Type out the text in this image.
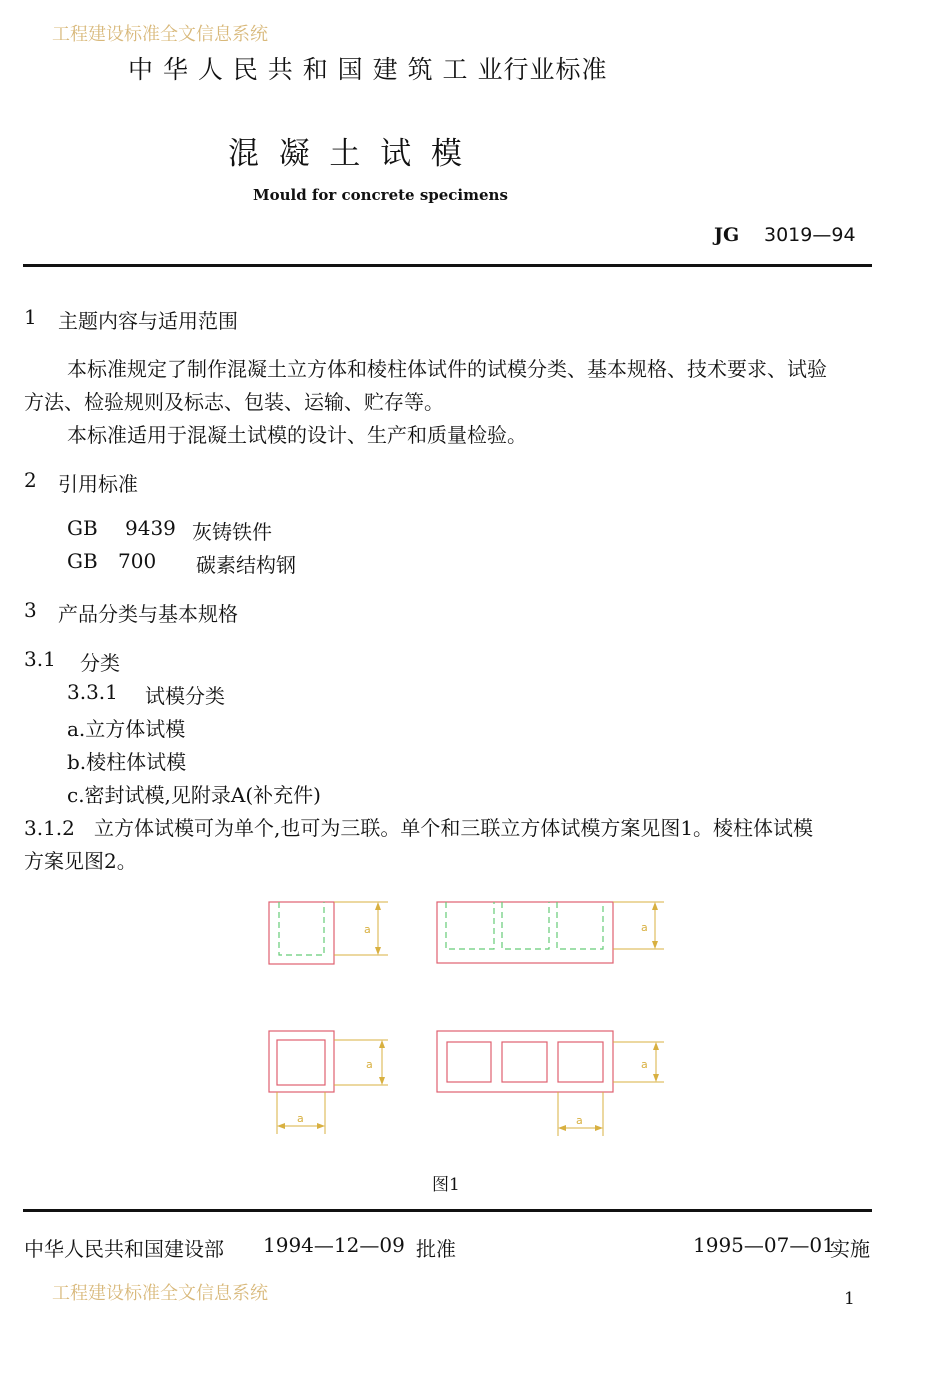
工程建设标准全文信息系统
工程建设标准全文信息系统
中 华 人 民 共 和 国 建 筑 工 业行业标准
混  凝  土  试  模
Mould for concrete specimens
JG 3019—94
1 主题内容与适用范围
本标准规定了制作混凝土立方体和棱柱体试件的试模分类、基本规格、技术要求、试验
方法、检验规则及标志、包装、运输、贮存等。
本标准适用于混凝土试模的设计、生产和质量检验。
2 引用标准
GB 9439 灰铸铁件
GB 700 碳素结构钢
3 产品分类与基本规格
3.1 分类
3.3.1 试模分类
a.立方体试模
b.棱柱体试模
c.密封试模,见附录A(补充件)
3.1.2   立方体试模可为单个,也可为三联。单个和三联立方体试模方案见图1。棱柱体试模
方案见图2。
a	a
a
a
a
a
图1
中华人民共和国建设部 1994—12—09 批准	1995—07—01
实施
1
